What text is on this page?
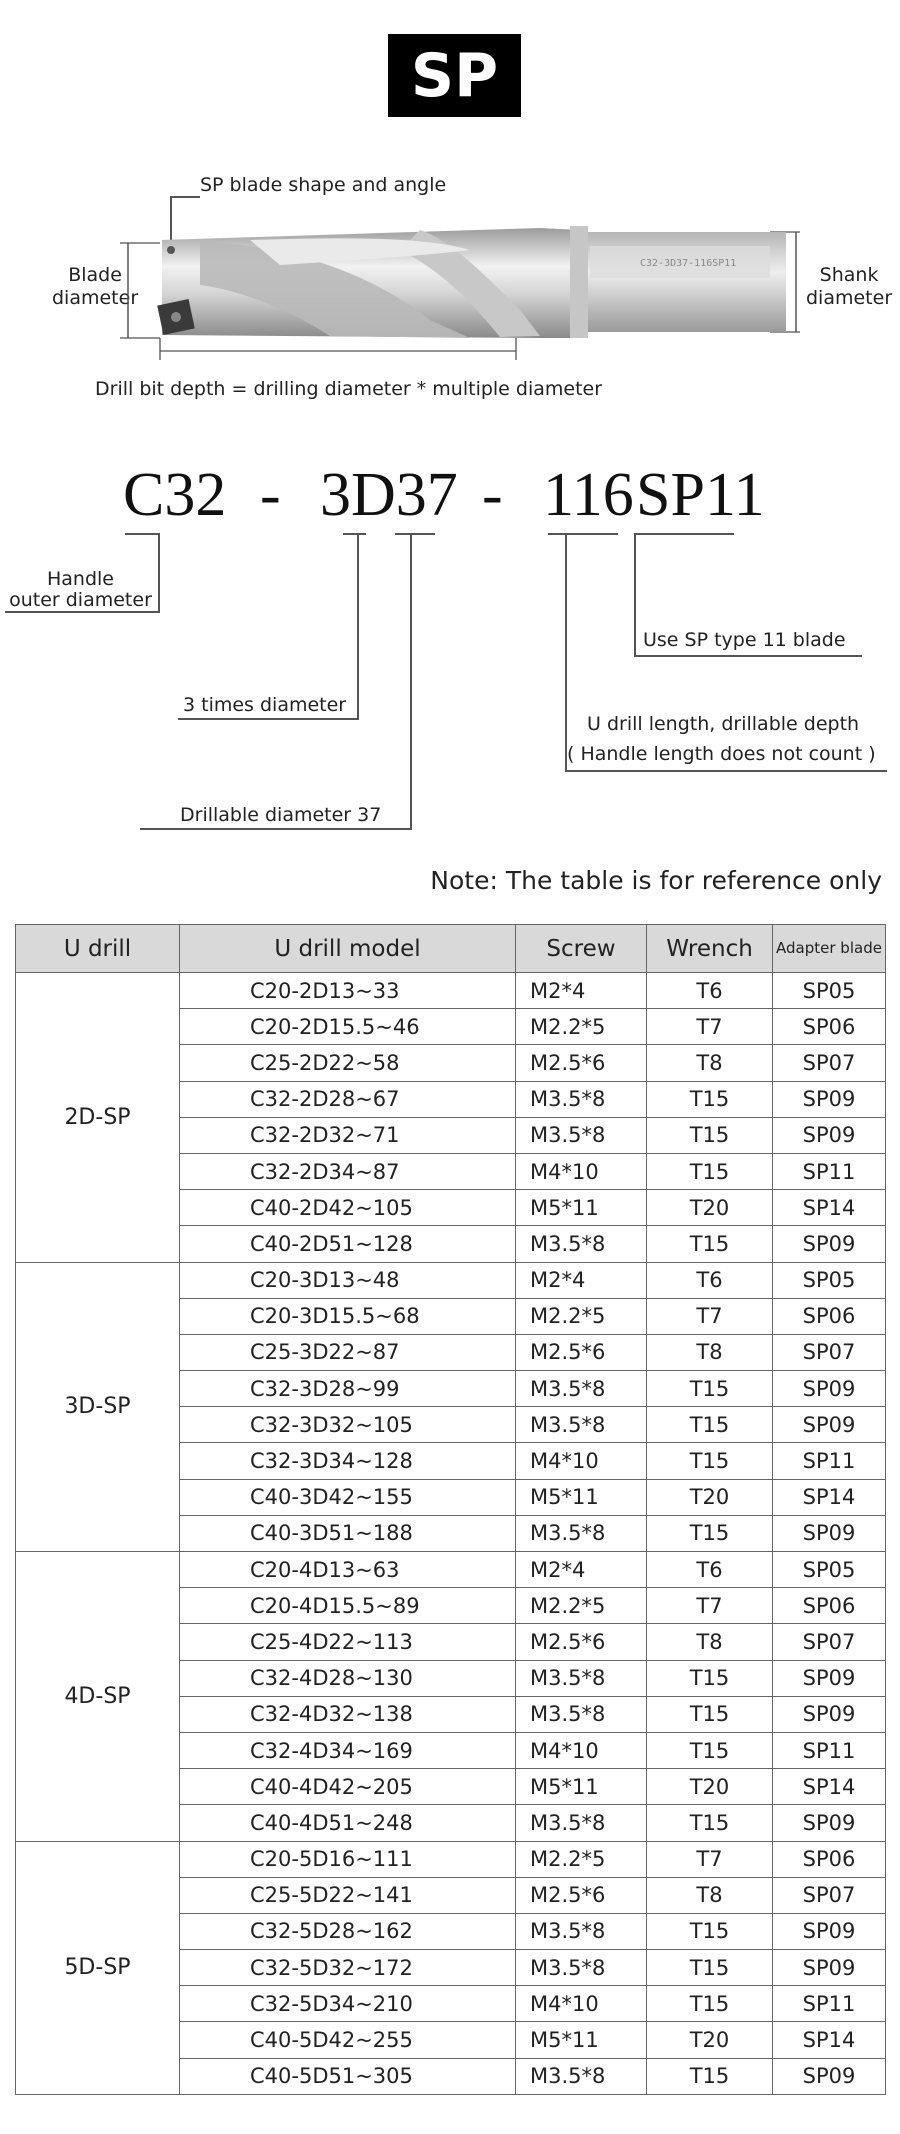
SP
SP blade shape and angle
Blade
diameter
Shank
diameter
C32-3D37-116SP11
Drill bit depth = drilling diameter * multiple diameter
C32 - 3D37 - 116 SP11
Handle
outer diameter
3 times diameter
Drillable diameter 37
U drill length, drillable depth
( Handle length does not count )
Use SP type 11 blade
Note: The table is for reference only
U drill	U drill model	Screw	Wrench	Adapter blade
2D-SP	C20-2D13~33	M2*4	T6	SP05
	C20-2D15.5~46	M2.2*5	T7	SP06
	C25-2D22~58	M2.5*6	T8	SP07
	C32-2D28~67	M3.5*8	T15	SP09
	C32-2D32~71	M3.5*8	T15	SP09
	C32-2D34~87	M4*10	T15	SP11
	C40-2D42~105	M5*11	T20	SP14
	C40-2D51~128	M3.5*8	T15	SP09
3D-SP	C20-3D13~48	M2*4	T6	SP05
	C20-3D15.5~68	M2.2*5	T7	SP06
	C25-3D22~87	M2.5*6	T8	SP07
	C32-3D28~99	M3.5*8	T15	SP09
	C32-3D32~105	M3.5*8	T15	SP09
	C32-3D34~128	M4*10	T15	SP11
	C40-3D42~155	M5*11	T20	SP14
	C40-3D51~188	M3.5*8	T15	SP09
4D-SP	C20-4D13~63	M2*4	T6	SP05
	C20-4D15.5~89	M2.2*5	T7	SP06
	C25-4D22~113	M2.5*6	T8	SP07
	C32-4D28~130	M3.5*8	T15	SP09
	C32-4D32~138	M3.5*8	T15	SP09
	C32-4D34~169	M4*10	T15	SP11
	C40-4D42~205	M5*11	T20	SP14
	C40-4D51~248	M3.5*8	T15	SP09
5D-SP	C20-5D16~111	M2.2*5	T7	SP06
	C25-5D22~141	M2.5*6	T8	SP07
	C32-5D28~162	M3.5*8	T15	SP09
	C32-5D32~172	M3.5*8	T15	SP09
	C32-5D34~210	M4*10	T15	SP11
	C40-5D42~255	M5*11	T20	SP14
	C40-5D51~305	M3.5*8	T15	SP09
